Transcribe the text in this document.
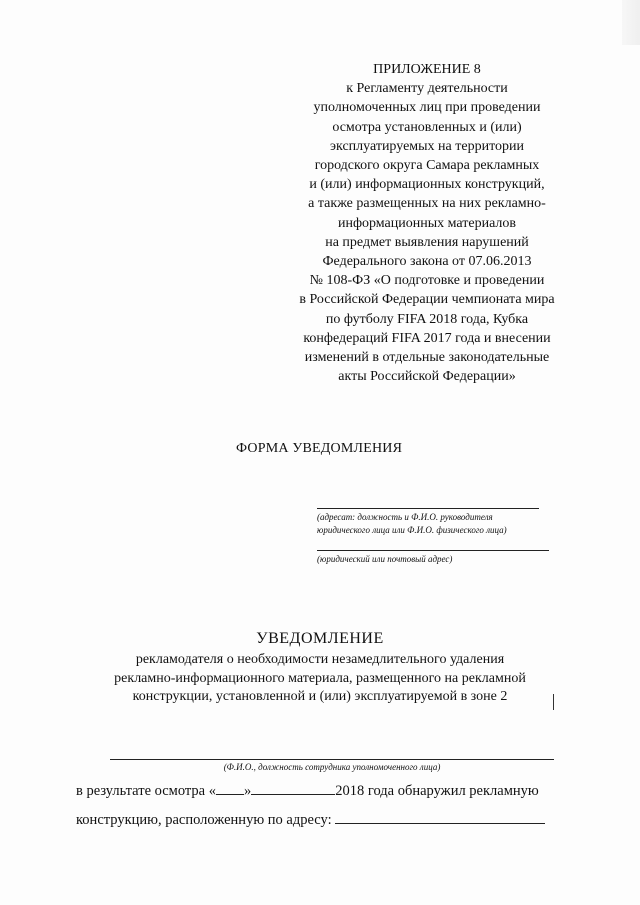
ПРИЛОЖЕНИЕ 8
к Регламенту деятельности
уполномоченных лиц при проведении
осмотра установленных и (или)
эксплуатируемых на территории
городского округа Самара рекламных
и (или) информационных конструкций,
а также размещенных на них рекламно-
информационных материалов
на предмет выявления нарушений
Федерального закона от 07.06.2013
№ 108-ФЗ «О подготовке и проведении
в Российской Федерации чемпионата мира
по футболу FIFA 2018 года, Кубка
конфедераций FIFA 2017 года и внесении
изменений в отдельные законодательные
акты Российской Федерации»
ФОРМА УВЕДОМЛЕНИЯ
(адресат: должность и Ф.И.О. руководителя
юридического лица или Ф.И.О. физического лица)
(юридический или почтовый адрес)
УВЕДОМЛЕНИЕ
рекламодателя о необходимости незамедлительного удаления
рекламно-информационного материала, размещенного на рекламной
конструкции, установленной и (или) эксплуатируемой в зоне 2
(Ф.И.О., должность сотрудника уполномоченного лица)
в результате осмотра « »	2018 года обнаружил рекламную
конструкцию, расположенную по адресу:
